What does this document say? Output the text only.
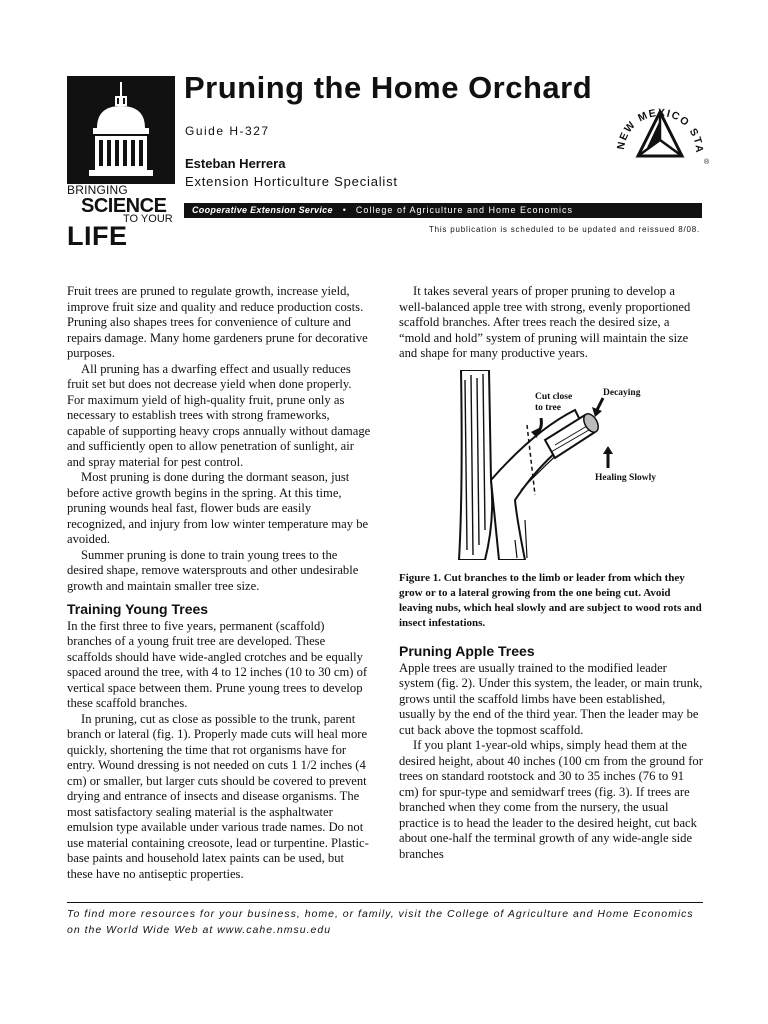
BRINGING
SCIENCE
TO YOUR
LIFE
Pruning the Home Orchard
Guide H-327
Esteban Herrera
Extension Horticulture Specialist
Cooperative Extension Service • College of Agriculture and Home Economics
This publication is scheduled to be updated and reissued 8/08.
NEW MEXICO STA
®

Fruit trees are pruned to regulate growth, increase yield, improve fruit size and quality and reduce production costs. Pruning also shapes trees for convenience of culture and repairs damage. Many home gardeners prune for decorative purposes.

All pruning has a dwarfing effect and usually reduces fruit set but does not decrease yield when done properly. For maximum yield of high-quality fruit, prune only as necessary to establish trees with strong frameworks, capable of supporting heavy crops annually without damage and sufficiently open to allow penetration of sunlight, air and spray material for pest control.

Most pruning is done during the dormant season, just before active growth begins in the spring. At this time, pruning wounds heal fast, flower buds are easily recognized, and injury from low winter temperature may be avoided.

Summer pruning is done to train young trees to the desired shape, remove watersprouts and other undesirable growth and maintain smaller tree size.

Training Young Trees

In the first three to five years, permanent (scaffold) branches of a young fruit tree are developed. These scaffolds should have wide-angled crotches and be equally spaced around the tree, with 4 to 12 inches (10 to 30 cm) of vertical space between them. Prune young trees to develop these scaffold branches.

In pruning, cut as close as possible to the trunk, parent branch or lateral (fig. 1). Properly made cuts will heal more quickly, shortening the time that rot organisms have for entry. Wound dressing is not needed on cuts 1 1/2 inches (4 cm) or smaller, but larger cuts should be covered to prevent drying and entrance of insects and disease organisms. The most satisfactory sealing material is the asphaltwater emulsion type available under various trade names. Do not use material containing creosote, lead or turpentine. Plastic-base paints and household latex paints can be used, but these have no antiseptic properties.

It takes several years of proper pruning to develop a well-balanced apple tree with strong, evenly proportioned scaffold branches. After trees reach the desired size, a “mold and hold” system of pruning will maintain the size and shape for many productive years.

Cut close
to tree
Decaying
Healing Slowly
Figure 1. Cut branches to the limb or leader from which they grow or to a lateral growing from the one being cut. Avoid leaving nubs, which heal slowly and are subject to wood rots and insect infestations.
Pruning Apple Trees

Apple trees are usually trained to the modified leader system (fig. 2). Under this system, the leader, or main trunk, grows until the scaffold limbs have been established, usually by the end of the third year. Then the leader may be cut back above the topmost scaffold.

If you plant 1-year-old whips, simply head them at the desired height, about 40 inches (100 cm from the ground for trees on standard rootstock and 30 to 35 inches (76 to 91 cm) for spur-type and semidwarf trees (fig. 3). If trees are branched when they come from the nursery, the usual practice is to head the leader to the desired height, cut back about one-half the terminal growth of any wide-angle side branches

To find more resources for your business, home, or family, visit the College of Agriculture and Home Economics on the World Wide Web at www.cahe.nmsu.edu
